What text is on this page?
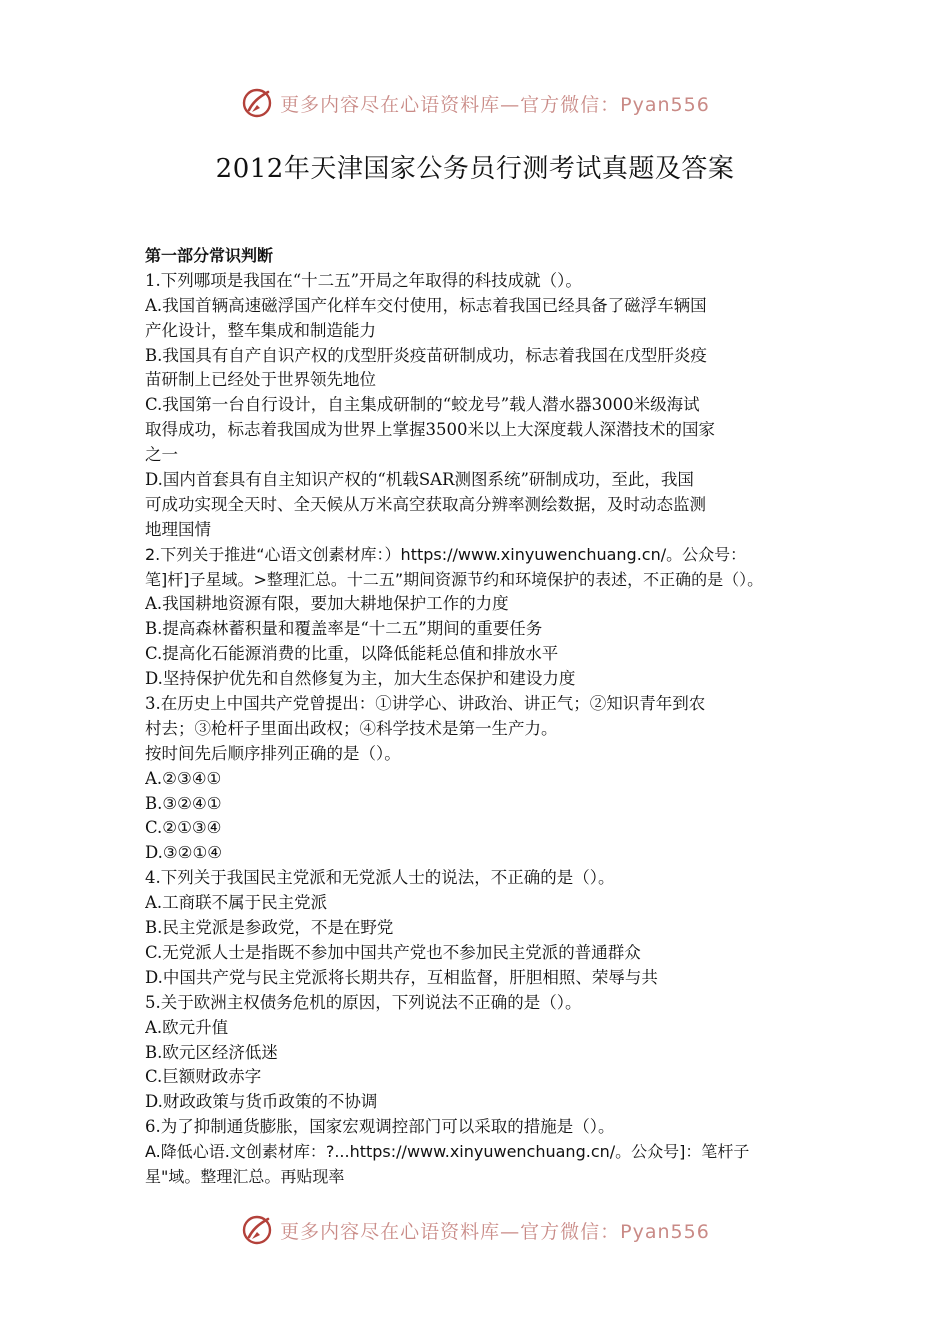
更多内容尽在心语资料库—官方微信：Pyan556
2012年天津国家公务员行测考试真题及答案
第一部分常识判断
1.下列哪项是我国在“十二五”开局之年取得的科技成就（）。
A.我国首辆高速磁浮国产化样车交付使用，标志着我国已经具备了磁浮车辆国
产化设计，整车集成和制造能力
B.我国具有自产自识产权的戊型肝炎疫苗研制成功，标志着我国在戊型肝炎疫
苗研制上已经处于世界领先地位
C.我国第一台自行设计，自主集成研制的“蛟龙号”载人潜水器3000米级海试
取得成功，标志着我国成为世界上掌握3500米以上大深度载人深潜技术的国家
之一
D.国内首套具有自主知识产权的“机载SAR测图系统”研制成功，至此，我国
可成功实现全天时、全天候从万米高空获取高分辨率测绘数据，及时动态监测
地理国情
2.下列关于推进“心语文创素材库：）https://www.xinyuwenchuang.cn/。公众号：
笔]杆]子星域。>整理汇总。十二五”期间资源节约和环境保护的表述，不正确的是（）。
A.我国耕地资源有限，要加大耕地保护工作的力度
B.提高森林蓄积量和覆盖率是“十二五”期间的重要任务
C.提高化石能源消费的比重，以降低能耗总值和排放水平
D.坚持保护优先和自然修复为主，加大生态保护和建设力度
3.在历史上中国共产党曾提出：①讲学心、讲政治、讲正气；②知识青年到农
村去；③枪杆子里面出政权；④科学技术是第一生产力。
按时间先后顺序排列正确的是（）。
A.②③④①
B.③②④①
C.②①③④
D.③②①④
4.下列关于我国民主党派和无党派人士的说法，不正确的是（）。
A.工商联不属于民主党派
B.民主党派是参政党，不是在野党
C.无党派人士是指既不参加中国共产党也不参加民主党派的普通群众
D.中国共产党与民主党派将长期共存，互相监督，肝胆相照、荣辱与共
5.关于欧洲主权债务危机的原因，下列说法不正确的是（）。
A.欧元升值
B.欧元区经济低迷
C.巨额财政赤字
D.财政政策与货币政策的不协调
6.为了抑制通货膨胀，国家宏观调控部门可以采取的措施是（）。
A.降低心语.文创素材库：?...https://www.xinyuwenchuang.cn/。公众号]：笔杆子
星"域。整理汇总。再贴现率
更多内容尽在心语资料库—官方微信：Pyan556
